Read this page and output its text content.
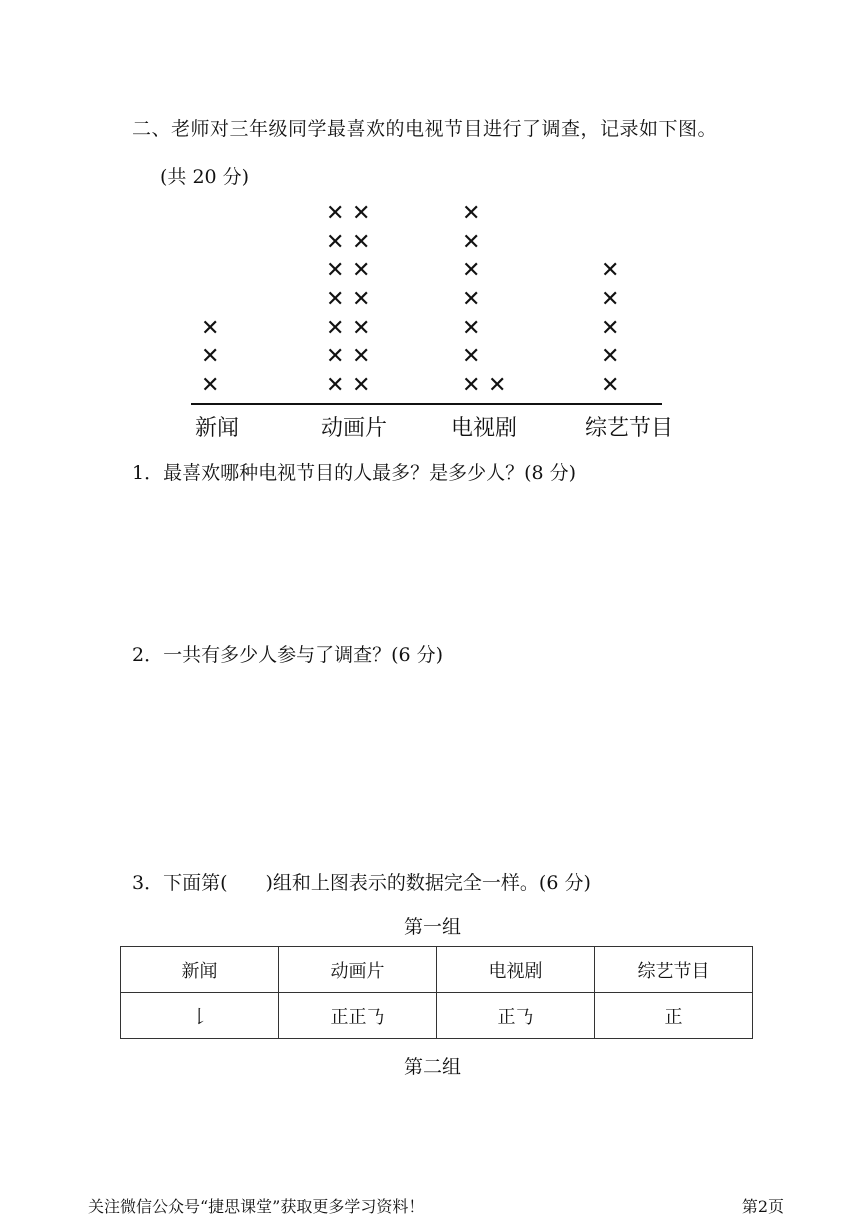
二、老师对三年级同学最喜欢的电视节目进行了调查，记录如下图。
(共 20 分)
新闻	动画片	电视剧	综艺节目
✕
✕
✕
✕
✕
✕
✕
✕
✕
✕
✕
✕
✕
✕
✕
✕
✕
✕
✕
✕
✕
✕
✕
✕
✕	✕
✕
✕
✕
✕
1．最喜欢哪种电视节目的人最多？是多少人？(8 分)
2．一共有多少人参与了调查？(6 分)
3．下面第(　　)组和上图表示的数据完全一样。(6 分)
第一组
新闻	动画片	电视剧	综艺节目
𠄌	正正𠄎	正𠄎	正
第二组
关注微信公众号“捷思课堂”获取更多学习资料！	第2页
